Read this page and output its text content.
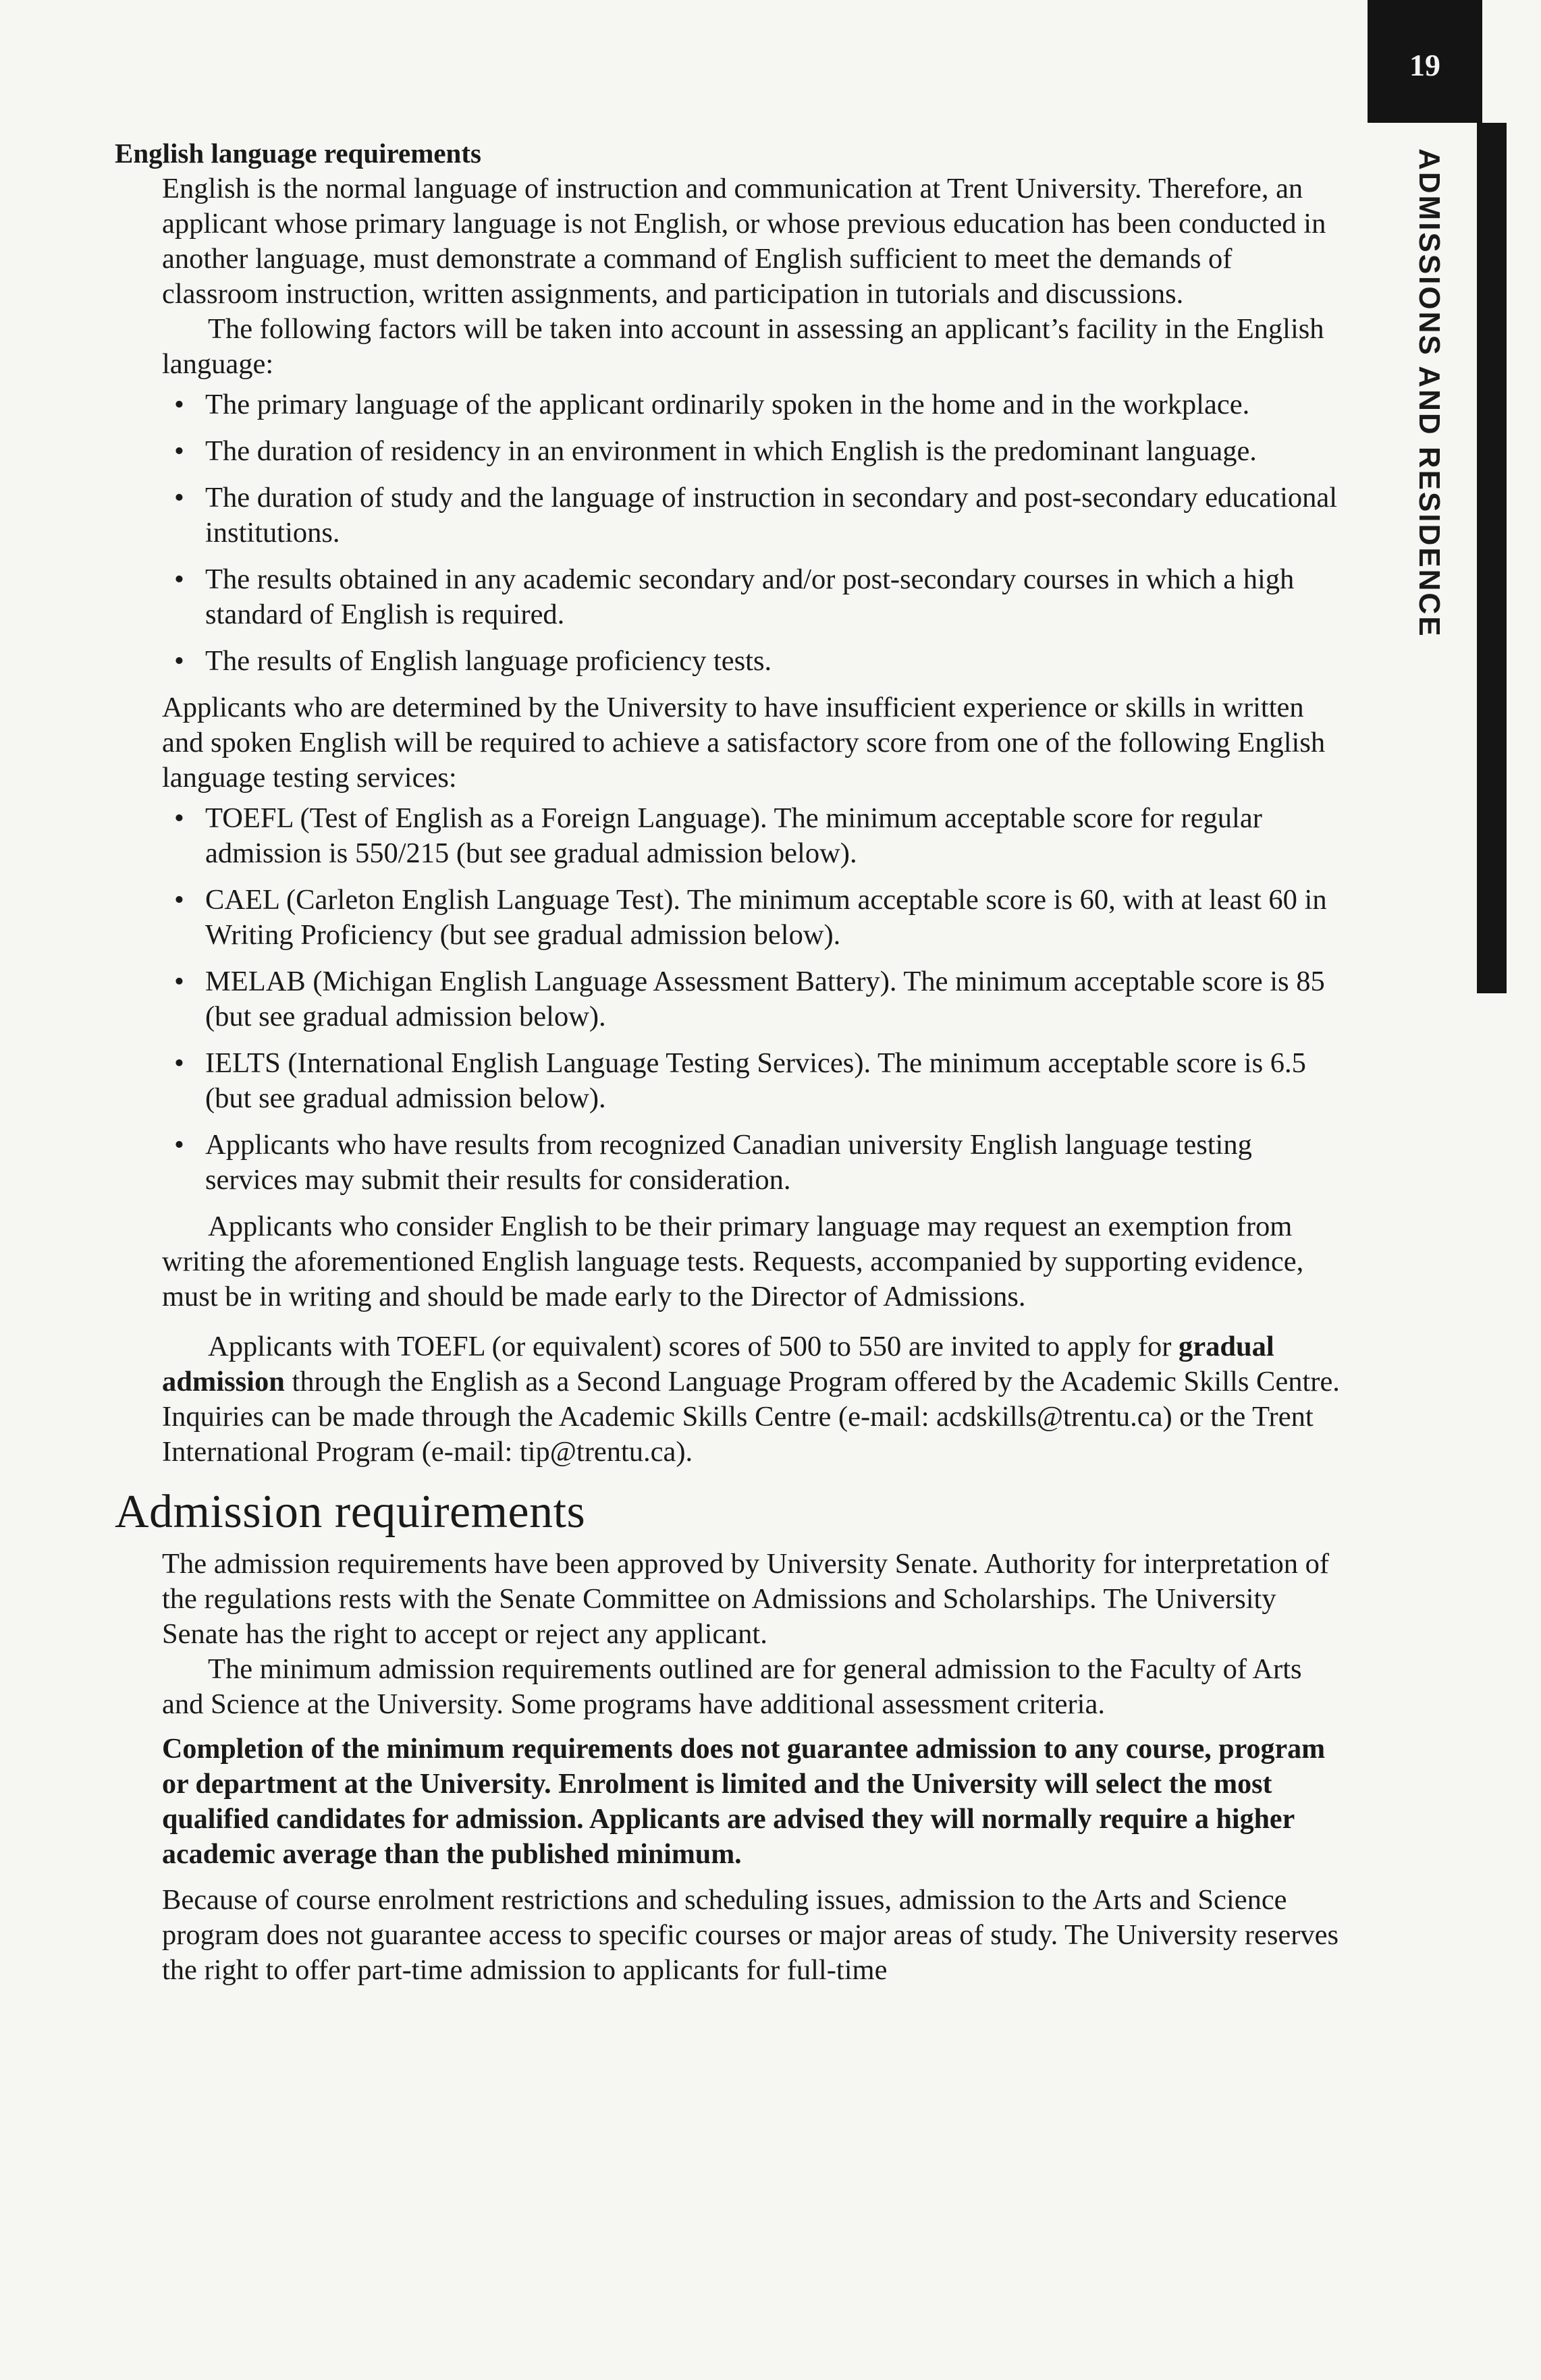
19
ADMISSIONS AND RESIDENCE
English language requirements

English is the normal language of instruction and communication at Trent University. Therefore, an applicant whose primary language is not English, or whose previous education has been conducted in another language, must demonstrate a command of English sufficient to meet the demands of classroom instruction, written assignments, and participation in tutorials and discussions.

The following factors will be taken into account in assessing an applicant’s facility in the English language:

• The primary language of the applicant ordinarily spoken in the home and in the workplace.
• The duration of residency in an environment in which English is the predominant language.
• The duration of study and the language of instruction in secondary and post-secondary educational institutions.
• The results obtained in any academic secondary and/or post-secondary courses in which a high standard of English is required.
• The results of English language proficiency tests.

Applicants who are determined by the University to have insufficient experience or skills in written and spoken English will be required to achieve a satisfactory score from one of the following English language testing services:

• TOEFL (Test of English as a Foreign Language). The minimum acceptable score for regular admission is 550/215 (but see gradual admission below).
• CAEL (Carleton English Language Test). The minimum acceptable score is 60, with at least 60 in Writing Proficiency (but see gradual admission below).
• MELAB (Michigan English Language Assessment Battery). The minimum acceptable score is 85 (but see gradual admission below).
• IELTS (International English Language Testing Services). The minimum acceptable score is 6.5 (but see gradual admission below).
• Applicants who have results from recognized Canadian university English language testing services may submit their results for consideration.

Applicants who consider English to be their primary language may request an exemption from writing the aforementioned English language tests. Requests, accompanied by supporting evidence, must be in writing and should be made early to the Director of Admissions.

Applicants with TOEFL (or equivalent) scores of 500 to 550 are invited to apply for gradual admission through the English as a Second Language Program offered by the Academic Skills Centre. Inquiries can be made through the Academic Skills Centre (e-mail: acdskills@trentu.ca) or the Trent International Program (e-mail: tip@trentu.ca).

Admission requirements

The admission requirements have been approved by University Senate. Authority for interpretation of the regulations rests with the Senate Committee on Admissions and Scholarships. The University Senate has the right to accept or reject any applicant.

The minimum admission requirements outlined are for general admission to the Faculty of Arts and Science at the University. Some programs have additional assessment criteria.

Completion of the minimum requirements does not guarantee admission to any course, program or department at the University. Enrolment is limited and the University will select the most qualified candidates for admission. Applicants are advised they will normally require a higher academic average than the published minimum.

Because of course enrolment restrictions and scheduling issues, admission to the Arts and Science program does not guarantee access to specific courses or major areas of study. The University reserves the right to offer part-time admission to applicants for full-time
